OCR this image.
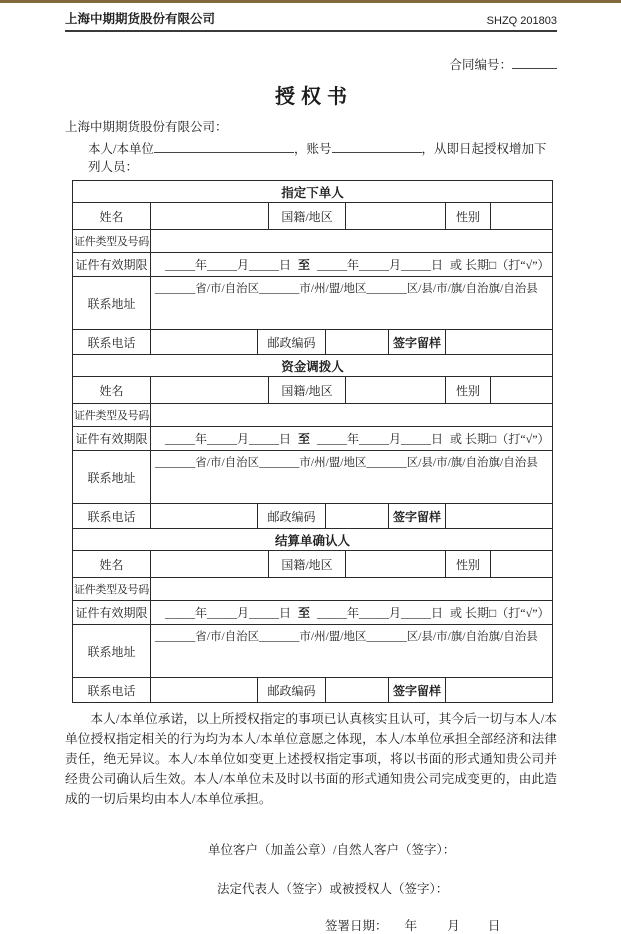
上海中期期货股份有限公司	SHZQ 201803
合同编号：
授权书
上海中期期货股份有限公司：
本人/本单位	，账号	，从即日起授权增加下列人员：
指定下单人
姓名	国籍/地区	性别
证件类型及号码
证件有效期限 _____年_____月_____日 至 _____年_____月_____日 或 长期□（打“√”）
联系地址
_______省/市/自治区_______市/州/盟/地区_______区/县/市/旗/自治旗/自治县
联系电话	邮政编码	签字留样
资金调拨人
姓名	国籍/地区	性别
证件类型及号码
证件有效期限 _____年_____月_____日 至 _____年_____月_____日 或 长期□（打“√”）
联系地址
_______省/市/自治区_______市/州/盟/地区_______区/县/市/旗/自治旗/自治县
联系电话	邮政编码	签字留样
结算单确认人
姓名	国籍/地区	性别
证件类型及号码
证件有效期限 _____年_____月_____日 至 _____年_____月_____日 或 长期□（打“√”）
联系地址
_______省/市/自治区_______市/州/盟/地区_______区/县/市/旗/自治旗/自治县
联系电话	邮政编码	签字留样
本人/本单位承诺，以上所授权指定的事项已认真核实且认可，其今后一切与本人/本单位授权指定相关的行为均为本人/本单位意愿之体现，本人/本单位承担全部经济和法律责任，绝无异议。本人/本单位如变更上述授权指定事项，将以书面的形式通知贵公司并经贵公司确认后生效。本人/本单位未及时以书面的形式通知贵公司完成变更的，由此造成的一切后果均由本人/本单位承担。
单位客户（加盖公章）/自然人客户（签字）：
法定代表人（签字）或被授权人（签字）：
签署日期： 年 月 日
